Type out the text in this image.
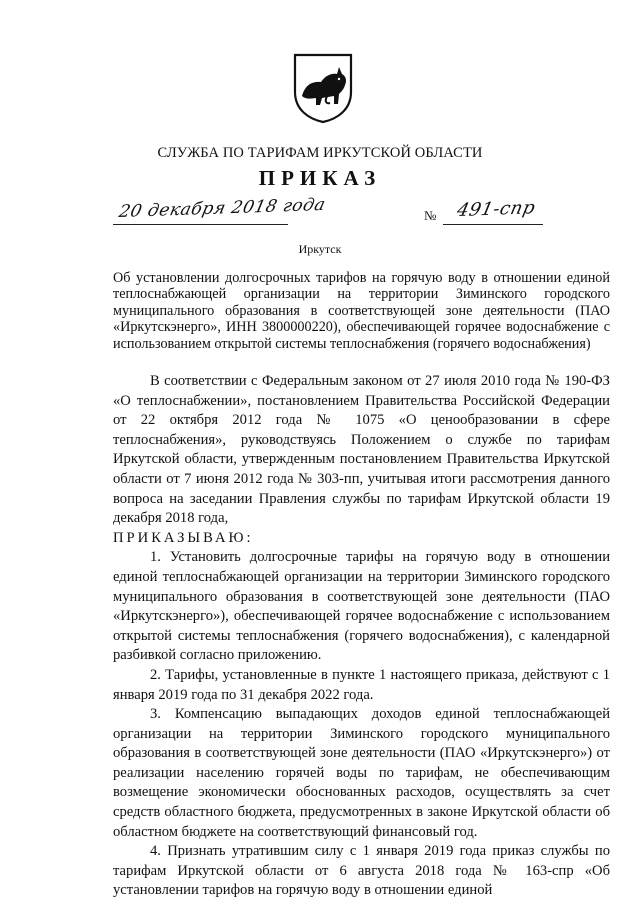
СЛУЖБА ПО ТАРИФАМ ИРКУТСКОЙ ОБЛАСТИ
ПРИКАЗ
20 декабря 2018 года	№ 491-спр
Иркутск
Об установлении долгосрочных тарифов на горячую воду в отношении единой теплоснабжающей организации на территории Зиминского городского муниципального образования в соответствующей зоне деятельности (ПАО «Иркутскэнерго», ИНН 3800000220), обеспечивающей горячее водоснабжение с использованием открытой системы теплоснабжения (горячего водоснабжения)

В соответствии с Федеральным законом от 27 июля 2010 года № 190-ФЗ «О теплоснабжении», постановлением Правительства Российской Федерации от 22 октября 2012 года № 1075 «О ценообразовании в сфере теплоснабжения», руководствуясь Положением о службе по тарифам Иркутской области, утвержденным постановлением Правительства Иркутской области от 7 июня 2012 года № 303-пп, учитывая итоги рассмотрения данного вопроса на заседании Правления службы по тарифам Иркутской области 19 декабря 2018 года,

ПРИКАЗЫВАЮ:

1. Установить долгосрочные тарифы на горячую воду в отношении единой теплоснабжающей организации на территории Зиминского городского муниципального образования в соответствующей зоне деятельности (ПАО «Иркутскэнерго»), обеспечивающей горячее водоснабжение с использованием открытой системы теплоснабжения (горячего водоснабжения), с календарной разбивкой согласно приложению.

2. Тарифы, установленные в пункте 1 настоящего приказа, действуют с 1 января 2019 года по 31 декабря 2022 года.

3. Компенсацию выпадающих доходов единой теплоснабжающей организации на территории Зиминского городского муниципального образования в соответствующей зоне деятельности (ПАО «Иркутскэнерго») от реализации населению горячей воды по тарифам, не обеспечивающим возмещение экономически обоснованных расходов, осуществлять за счет средств областного бюджета, предусмотренных в законе Иркутской области об областном бюджете на соответствующий финансовый год.

4. Признать утратившим силу с 1 января 2019 года приказ службы по тарифам Иркутской области от 6 августа 2018 года № 163-спр «Об установлении тарифов на горячую воду в отношении единой
